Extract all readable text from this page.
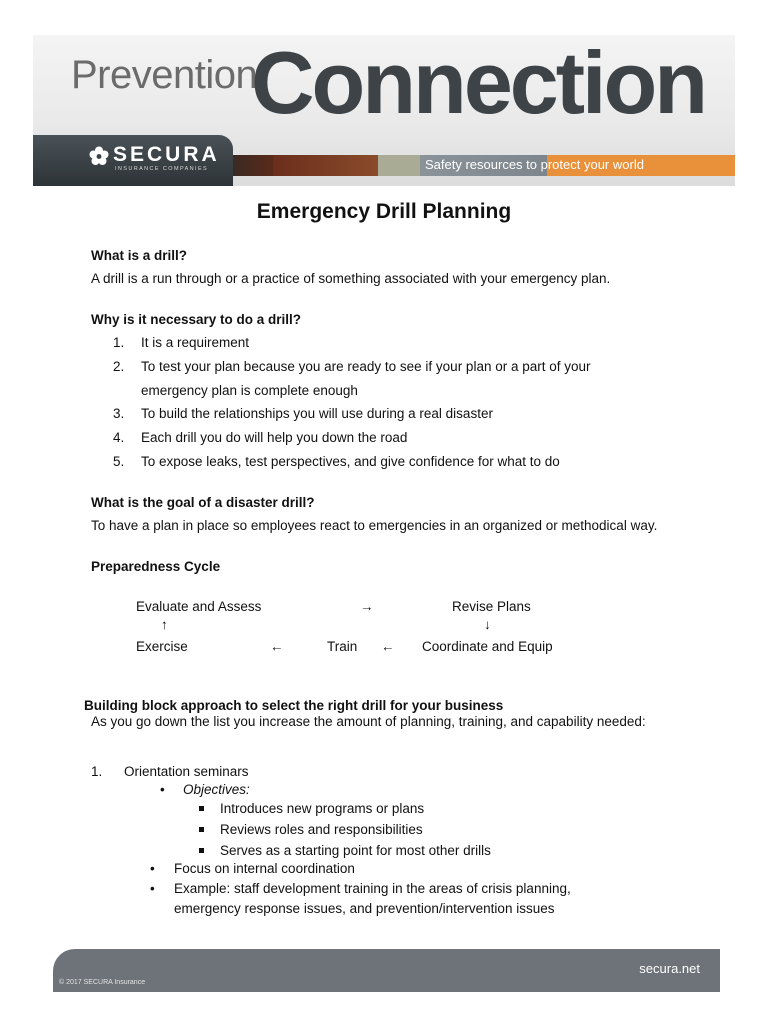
Prevention
Connection
Safety resources to protect your world
SECURA
INSURANCE COMPANIES
Emergency Drill Planning
What is a drill?
A drill is a run through or a practice of something associated with your emergency plan.
Why is it necessary to do a drill?
1. It is a requirement
2. To test your plan because you are ready to see if your plan or a part of your
emergency plan is complete enough
3. To build the relationships you will use during a real disaster
4. Each drill you do will help you down the road
5. To expose leaks, test perspectives, and give confidence for what to do
What is the goal of a disaster drill?
To have a plan in place so employees react to emergencies in an organized or methodical way.
Preparedness Cycle
Evaluate and Assess	→	Revise Plans
↑	↓
Exercise	←	Train ← Coordinate and Equip
Building block approach to select the right drill for your business
As you go down the list you increase the amount of planning, training, and capability needed:
1. Orientation seminars
• Objectives:
Introduces new programs or plans
Reviews roles and responsibilities
Serves as a starting point for most other drills
• Focus on internal coordination
• Example: staff development training in the areas of crisis planning,
emergency response issues, and prevention/intervention issues
secura.net
© 2017 SECURA Insurance
